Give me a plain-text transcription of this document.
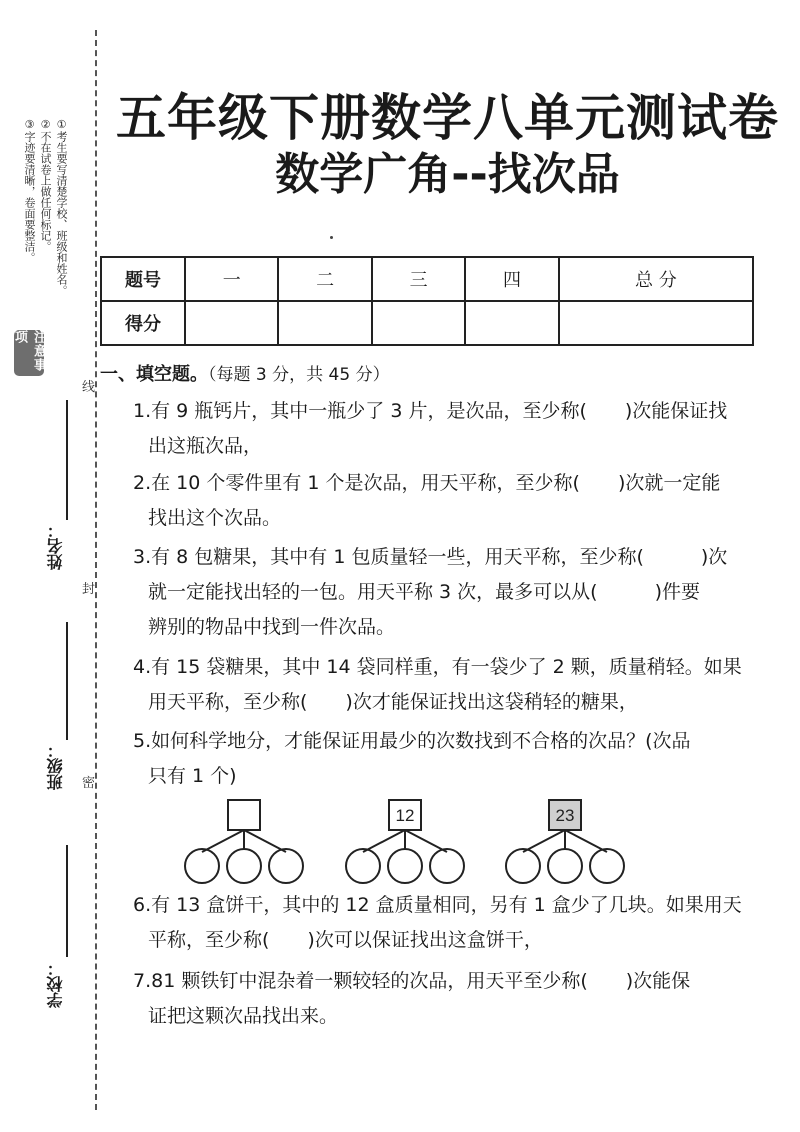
①考生要写清楚学校、班级和姓名。
②不在试卷上做任何标记。
③字迹要清晰，卷面要整洁。
注意事项
线
封
密
姓名：
班级：
学校：
五年级下册数学八单元测试卷
数学广角--找次品
题号	一	二	三	四	总 分
得分					
一、填空题。（每题 3 分，共 45 分）
1.有 9 瓶钙片，其中一瓶少了 3 片，是次品，至少称(　　)次能保证找
出这瓶次品，
2.在 10 个零件里有 1 个是次品，用天平称，至少称(　　)次就一定能
找出这个次品。
3.有 8 包糖果，其中有 1 包质量轻一些，用天平称，至少称(　　　)次
就一定能找出轻的一包。用天平称 3 次，最多可以从(　　　)件要
辨别的物品中找到一件次品。
4.有 15 袋糖果，其中 14 袋同样重，有一袋少了 2 颗，质量稍轻。如果
用天平称，至少称(　　)次才能保证找出这袋稍轻的糖果，
5.如何科学地分，才能保证用最少的次数找到不合格的次品？(次品
只有 1 个)
12	23
6.有 13 盒饼干，其中的 12 盒质量相同，另有 1 盒少了几块。如果用天
平称，至少称(　　)次可以保证找出这盒饼干，
7.81 颗铁钉中混杂着一颗较轻的次品，用天平至少称(　　)次能保
证把这颗次品找出来。
